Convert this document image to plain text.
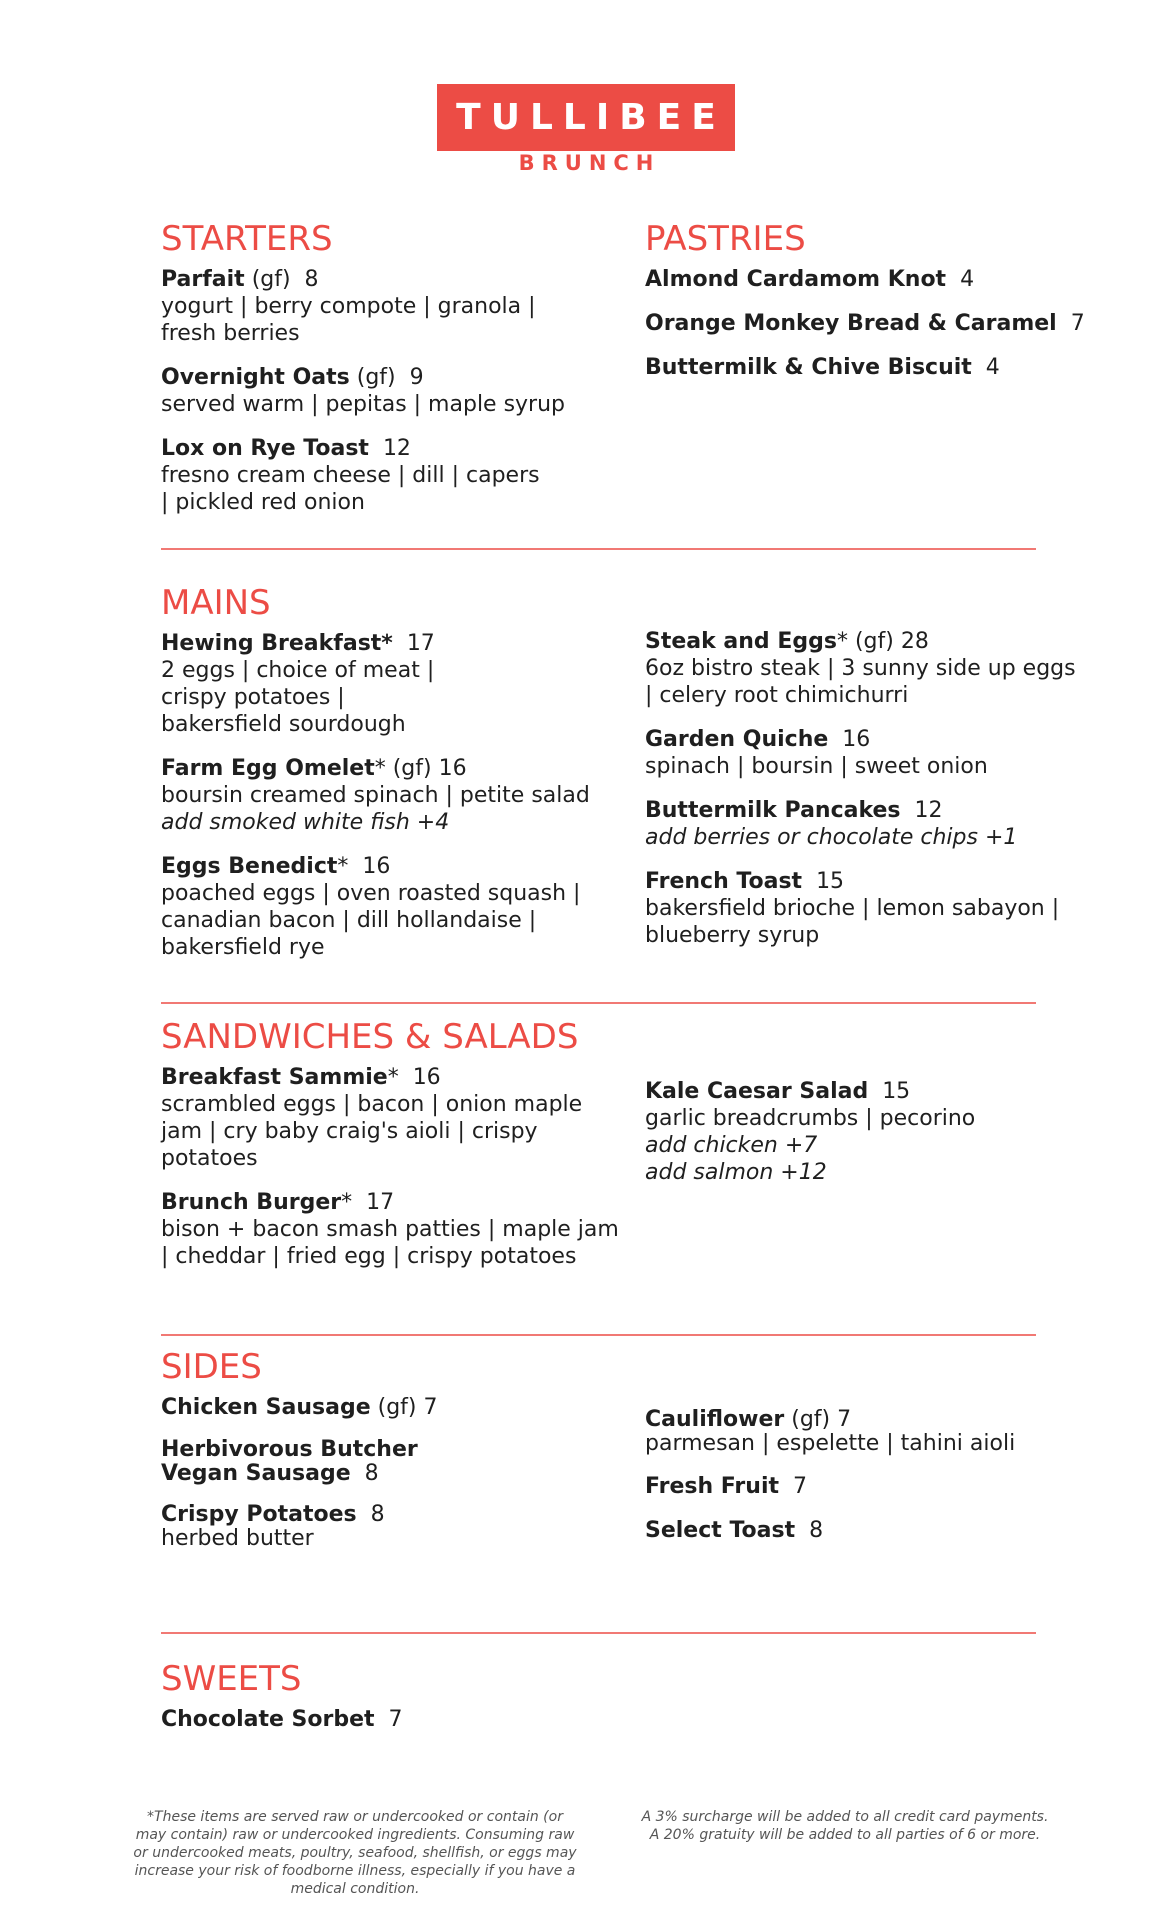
TULLIBEE
BRUNCH
STARTERS
Parfait (gf)  8
yogurt | berry compote | granola | fresh berries
Overnight Oats (gf)  9
served warm | pepitas | maple syrup
Lox on Rye Toast  12
fresno cream cheese | dill | capers | pickled red onion
PASTRIES
Almond Cardamom Knot  4
Orange Monkey Bread & Caramel  7
Buttermilk & Chive Biscuit  4
MAINS
Hewing Breakfast*  17
2 eggs | choice of meat | crispy potatoes | bakersfield sourdough
Farm Egg Omelet* (gf) 16
boursin creamed spinach | petite salad
add smoked white fish +4
Eggs Benedict*  16
poached eggs | oven roasted squash | canadian bacon | dill hollandaise | bakersfield rye
Steak and Eggs* (gf) 28
6oz bistro steak | 3 sunny side up eggs | celery root chimichurri
Garden Quiche  16
spinach | boursin | sweet onion
Buttermilk Pancakes  12
add berries or chocolate chips +1
French Toast  15
bakersfield brioche | lemon sabayon | blueberry syrup
SANDWICHES & SALADS
Breakfast Sammie*  16
scrambled eggs | bacon | onion maple jam | cry baby craig's aioli | crispy potatoes
Brunch Burger*  17
bison + bacon smash patties | maple jam | cheddar | fried egg | crispy potatoes
Kale Caesar Salad  15
garlic breadcrumbs | pecorino
add chicken +7
add salmon +12
SIDES
Chicken Sausage (gf) 7
Herbivorous Butcher Vegan Sausage  8
Crispy Potatoes  8
herbed butter
Cauliflower (gf) 7
parmesan | espelette | tahini aioli
Fresh Fruit  7
Select Toast  8
SWEETS
Chocolate Sorbet  7
*These items are served raw or undercooked or contain (or may contain) raw or undercooked ingredients. Consuming raw or undercooked meats, poultry, seafood, shellfish, or eggs may increase your risk of foodborne illness, especially if you have a medical condition.
A 3% surcharge will be added to all credit card payments. A 20% gratuity will be added to all parties of 6 or more.
